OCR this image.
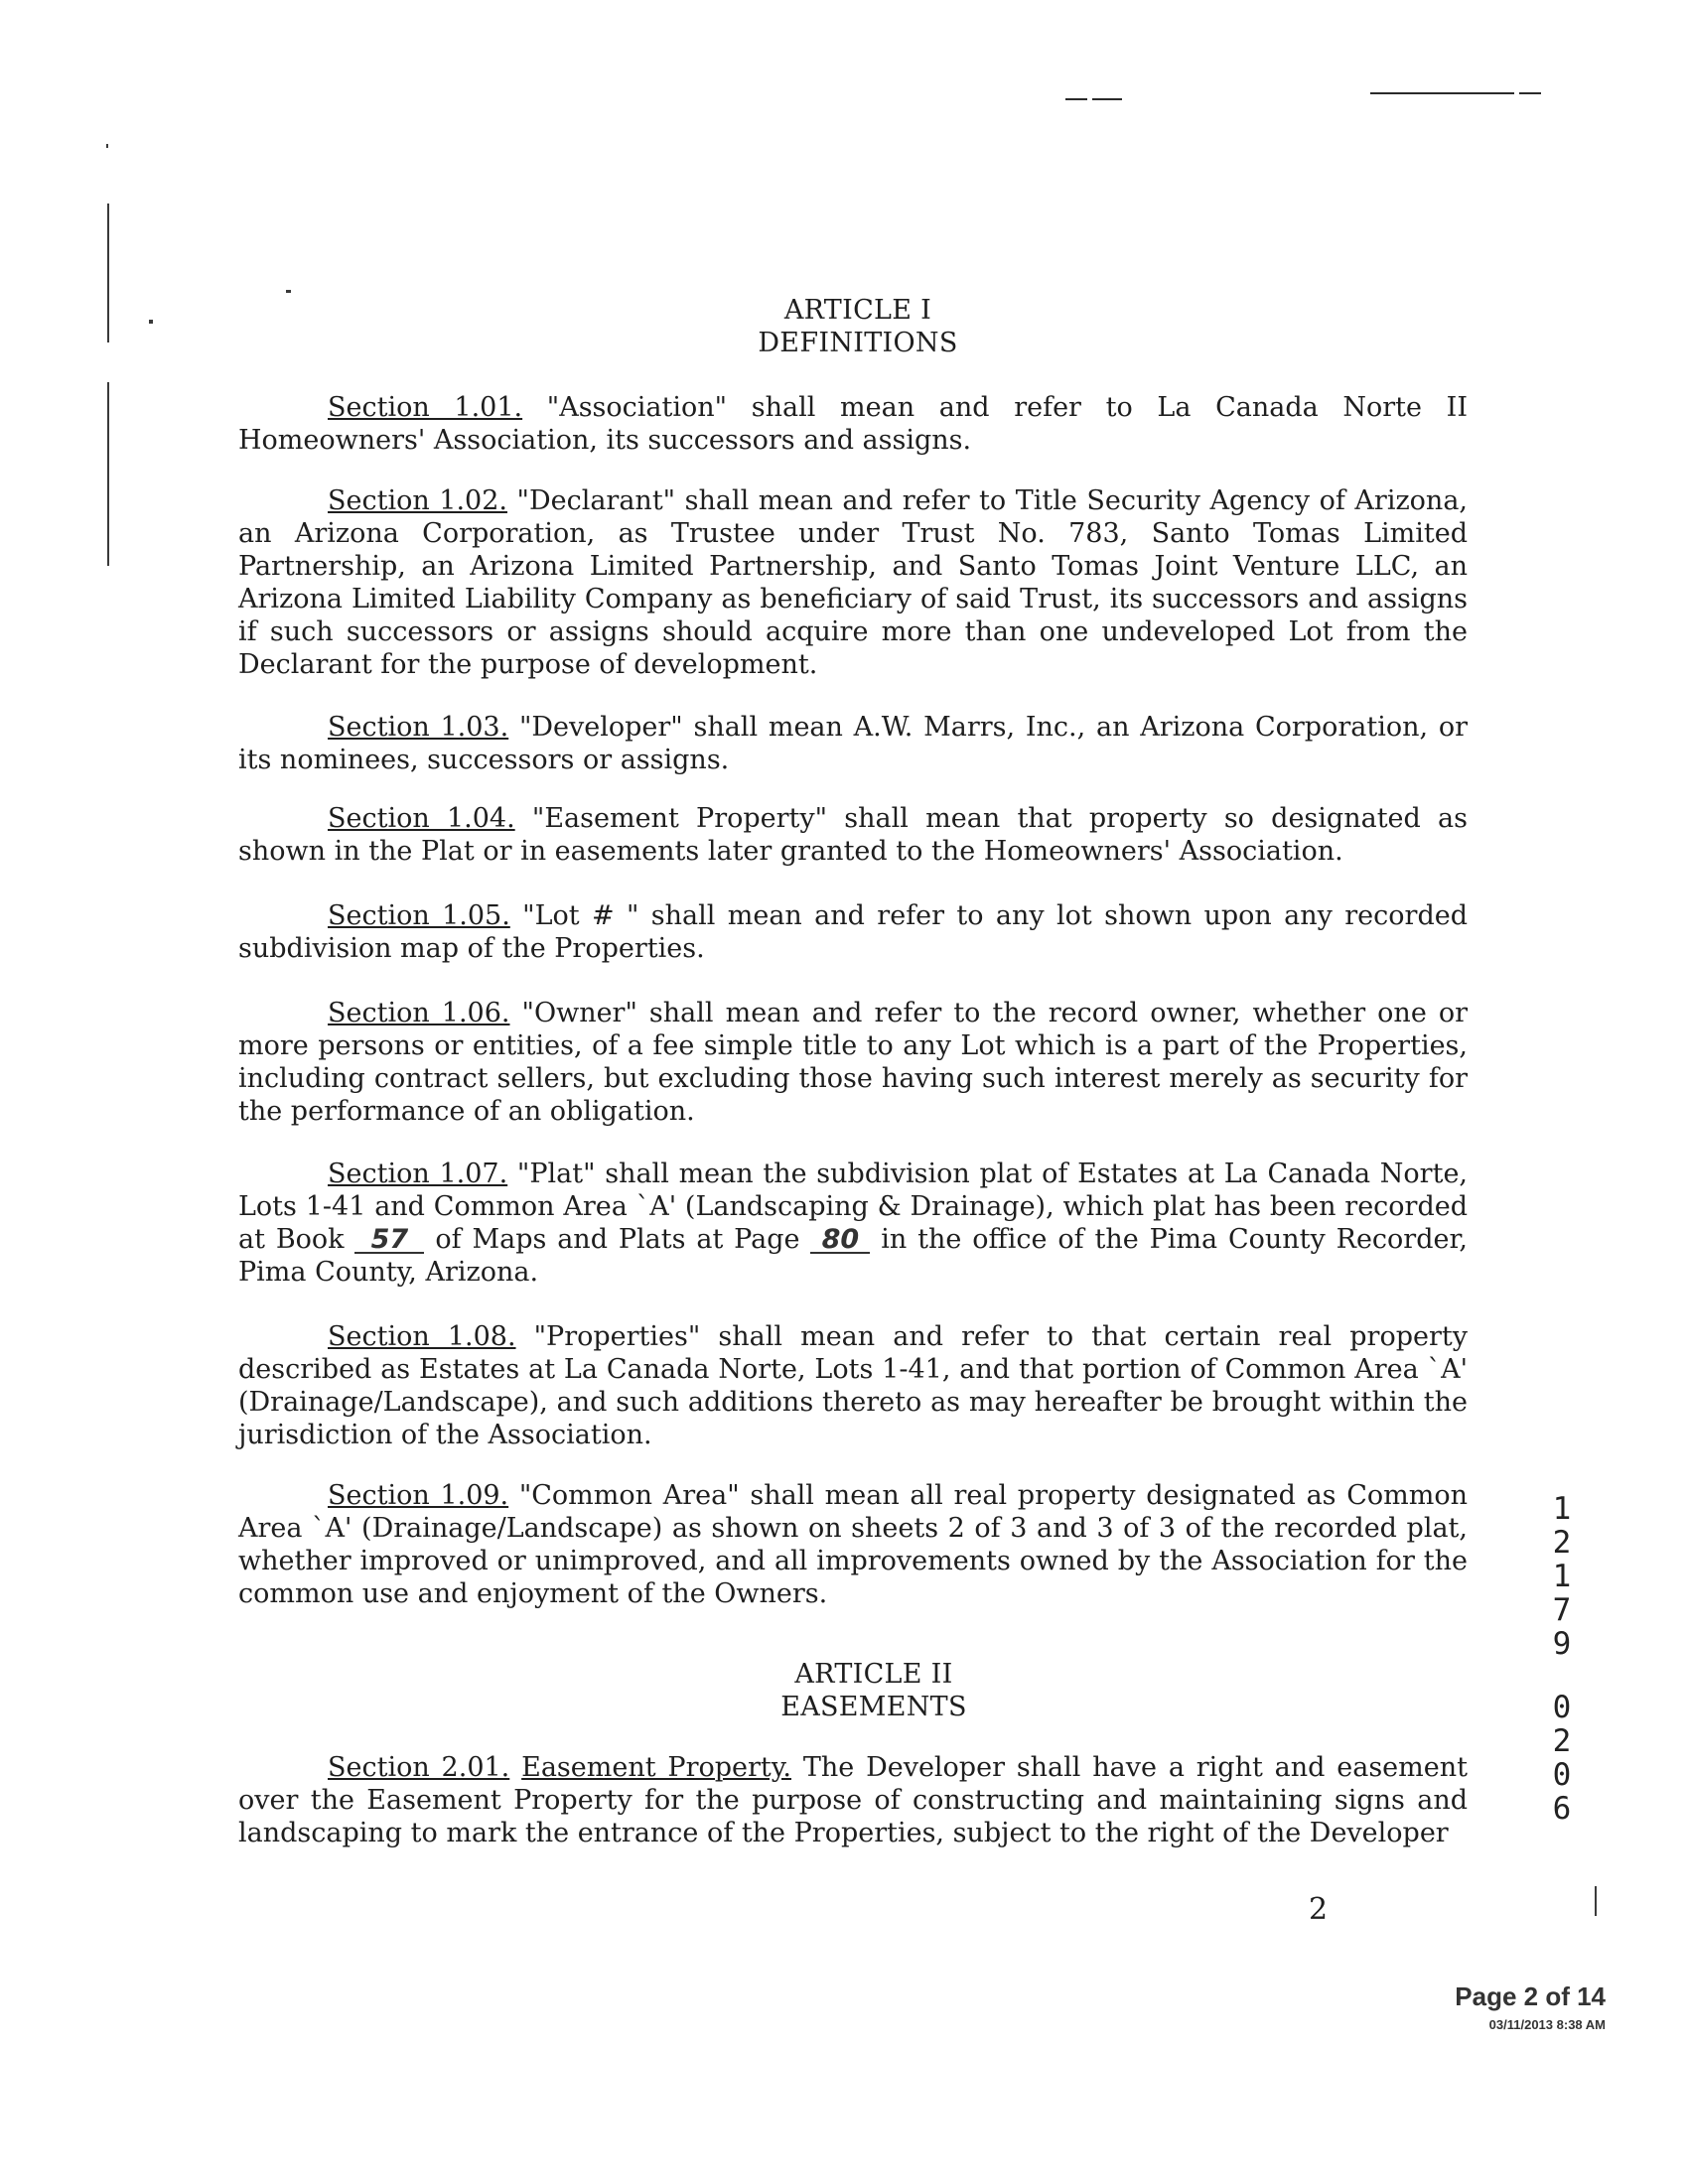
ARTICLE I
DEFINITIONS
Section 1.01. "Association" shall mean and refer to La Canada Norte II Homeowners' Association, its successors and assigns.
Section 1.02. "Declarant" shall mean and refer to Title Security Agency of Arizona, an Arizona Corporation, as Trustee under Trust No. 783, Santo Tomas Limited Partnership, an Arizona Limited Partnership, and Santo Tomas Joint Venture LLC, an Arizona Limited Liability Company as beneficiary of said Trust, its successors and assigns if such successors or assigns should acquire more than one undeveloped Lot from the Declarant for the purpose of development.
Section 1.03. "Developer" shall mean A.W. Marrs, Inc., an Arizona Corporation, or its nominees, successors or assigns.
Section 1.04. "Easement Property" shall mean that property so designated as shown in the Plat or in easements later granted to the Homeowners' Association.
Section 1.05. "Lot # " shall mean and refer to any lot shown upon any recorded subdivision map of the Properties.
Section 1.06. "Owner" shall mean and refer to the record owner, whether one or more persons or entities, of a fee simple title to any Lot which is a part of the Properties, including contract sellers, but excluding those having such interest merely as security for the performance of an obligation.
Section 1.07. "Plat" shall mean the subdivision plat of Estates at La Canada Norte, Lots 1-41 and Common Area `A' (Landscaping & Drainage), which plat has been recorded at Book 57 of Maps and Plats at Page 80 in the office of the Pima County Recorder, Pima County, Arizona.
Section 1.08. "Properties" shall mean and refer to that certain real property described as Estates at La Canada Norte, Lots 1-41, and that portion of Common Area `A' (Drainage/Landscape), and such additions thereto as may hereafter be brought within the jurisdiction of the Association.
Section 1.09. "Common Area" shall mean all real property designated as Common Area `A' (Drainage/Landscape) as shown on sheets 2 of 3 and 3 of 3 of the recorded plat, whether improved or unimproved, and all improvements owned by the Association for the common use and enjoyment of the Owners.
ARTICLE II
EASEMENTS
Section 2.01. Easement Property. The Developer shall have a right and easement over the Easement Property for the purpose of constructing and maintaining signs and landscaping to mark the entrance of the Properties, subject to the right of the Developer
1
2
1
7
9
0
2
0
6
2
Page 2 of 14
03/11/2013 8:38 AM
